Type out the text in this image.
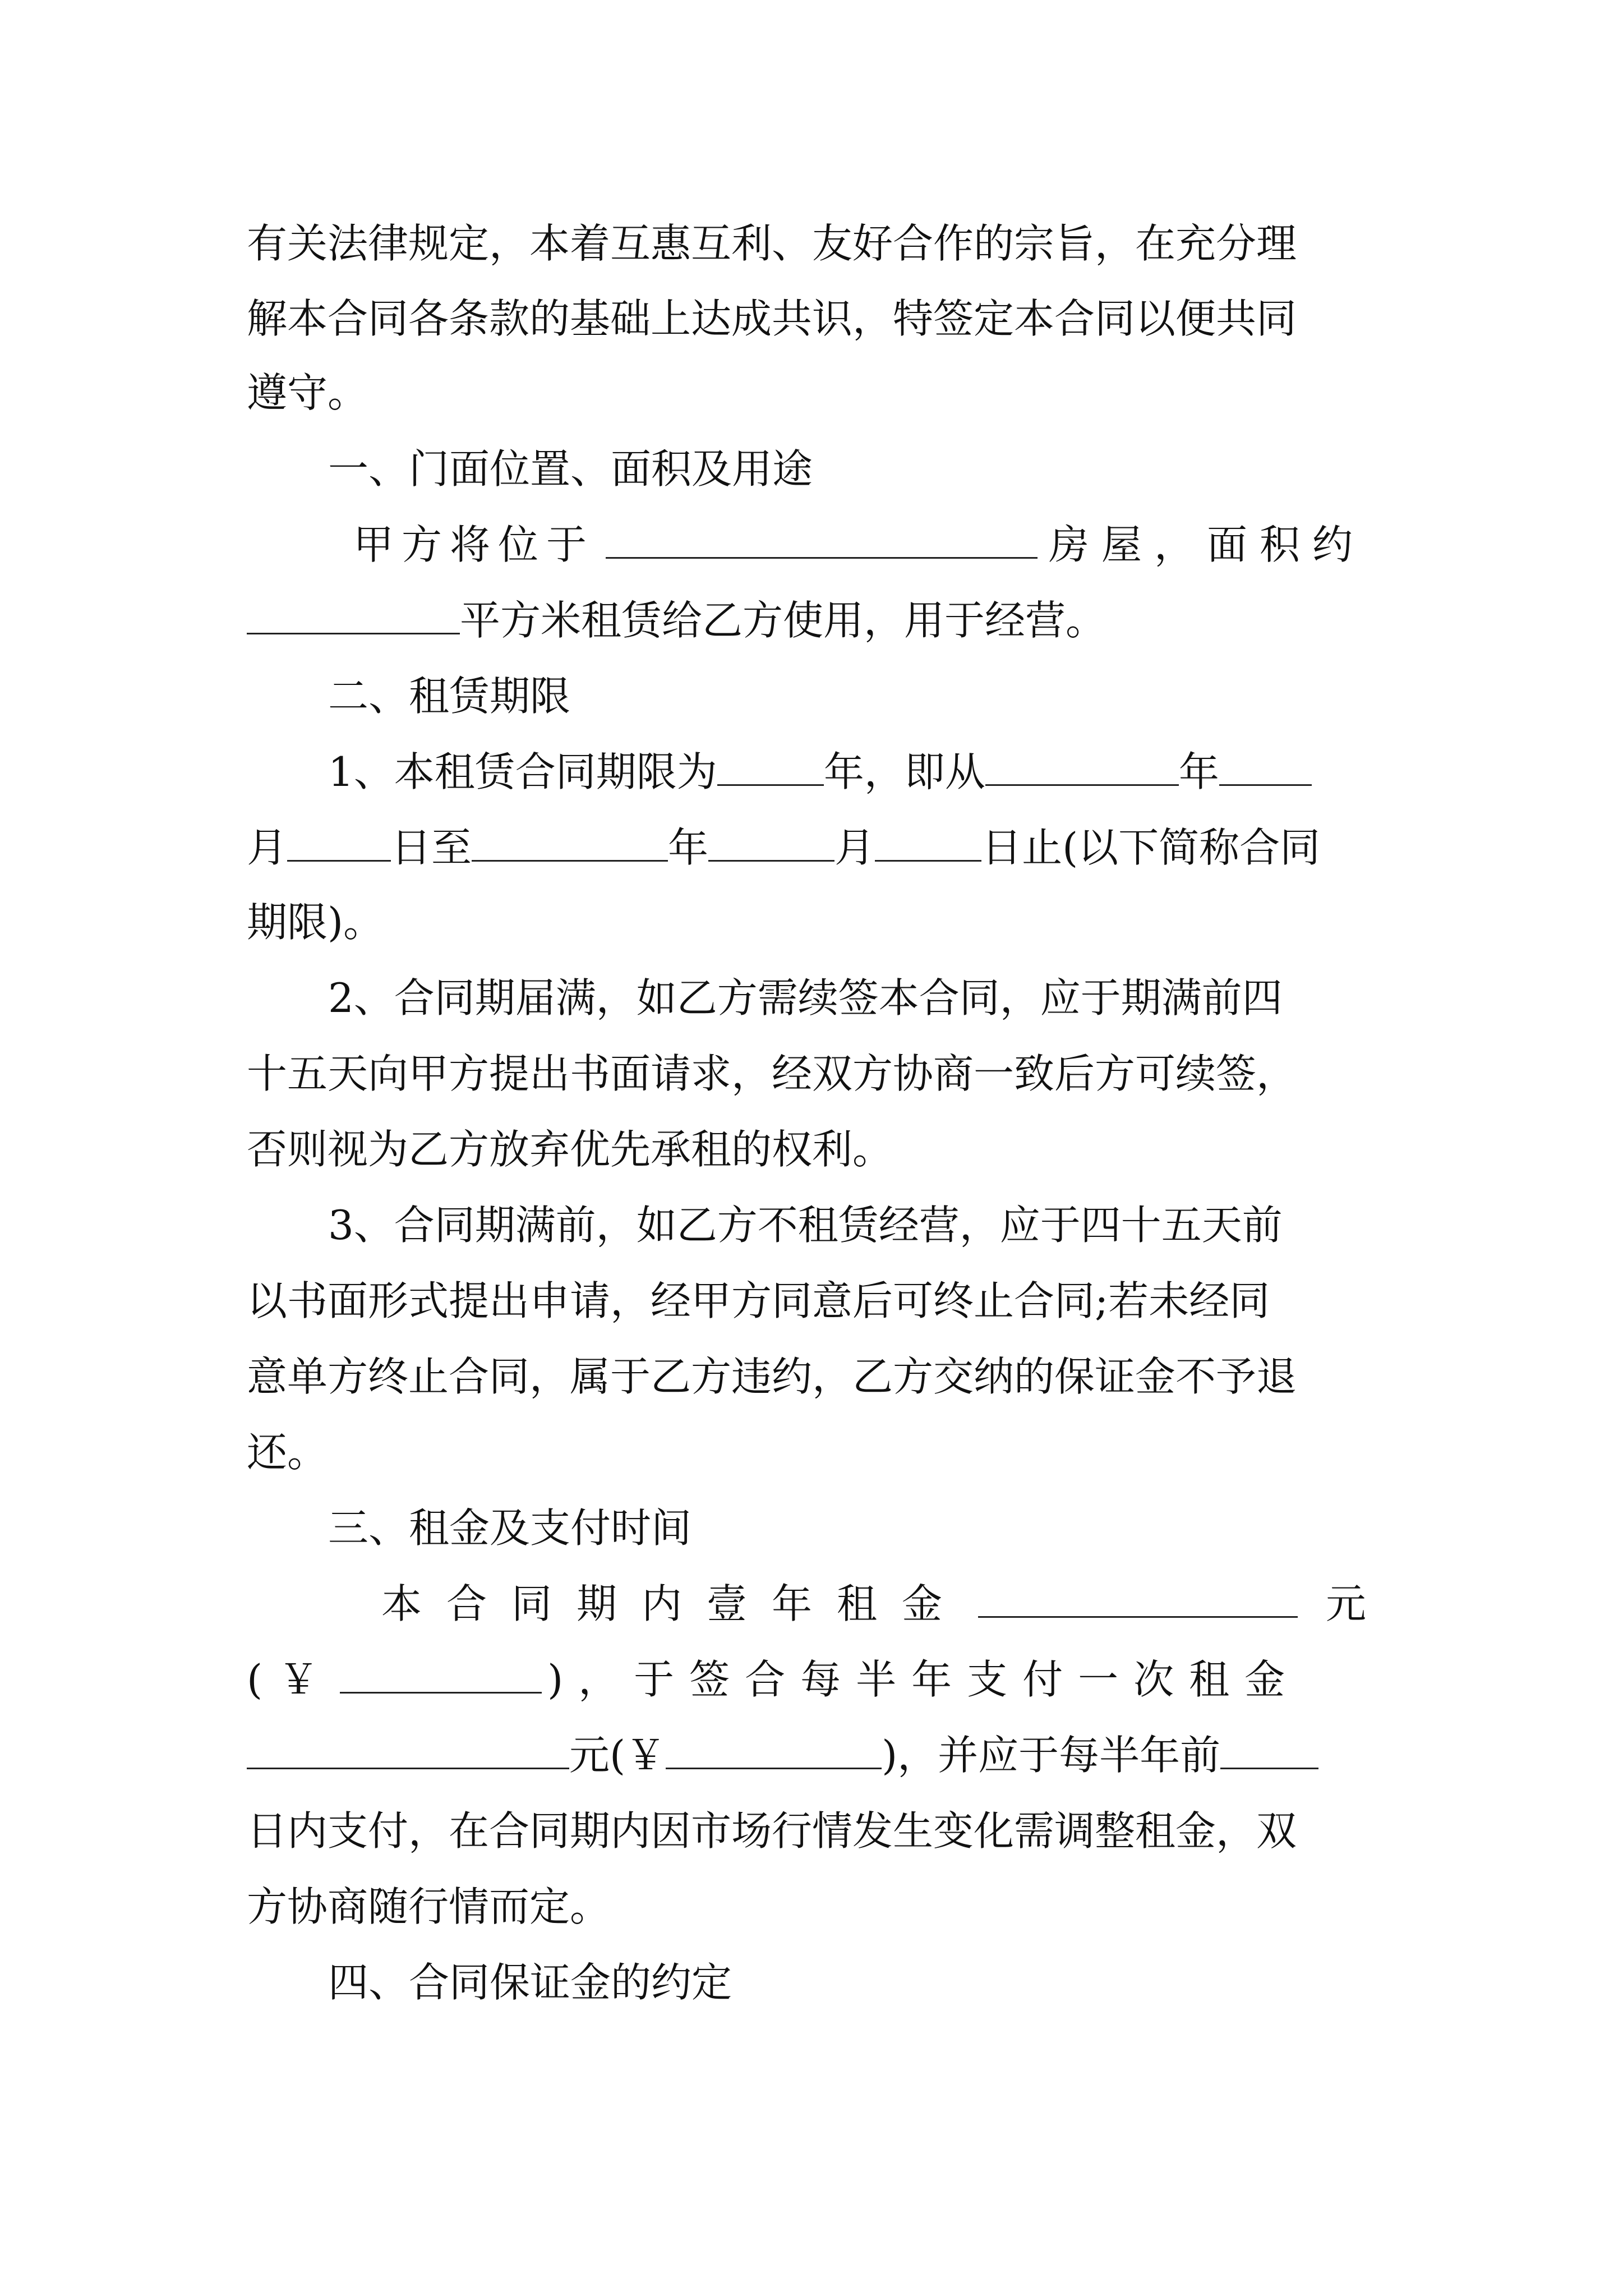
有关法律规定，本着互惠互利、友好合作的宗旨，在充分理
解本合同各条款的基础上达成共识，特签定本合同以便共同
遵守。
一、门面位置、面积及用途
甲方将位于	房屋，面积约
平方米租赁给乙方使用，用于经营。
二、租赁期限
1、本租赁合同期限为	年，即从	年
月	日至	年	月	日止(以下简称合同
期限)。
2、合同期届满，如乙方需续签本合同，应于期满前四
十五天向甲方提出书面请求，经双方协商一致后方可续签，
否则视为乙方放弃优先承租的权利。
3、合同期满前，如乙方不租赁经营，应于四十五天前
以书面形式提出申请，经甲方同意后可终止合同;若未经同
意单方终止合同，属于乙方违约，乙方交纳的保证金不予退
还。
三、租金及支付时间
本合同期内壹年租金	元
(￥	)，于签合每半年支付一次租金
元(￥	)，并应于每半年前
日内支付，在合同期内因市场行情发生变化需调整租金，双
方协商随行情而定。
四、合同保证金的约定
